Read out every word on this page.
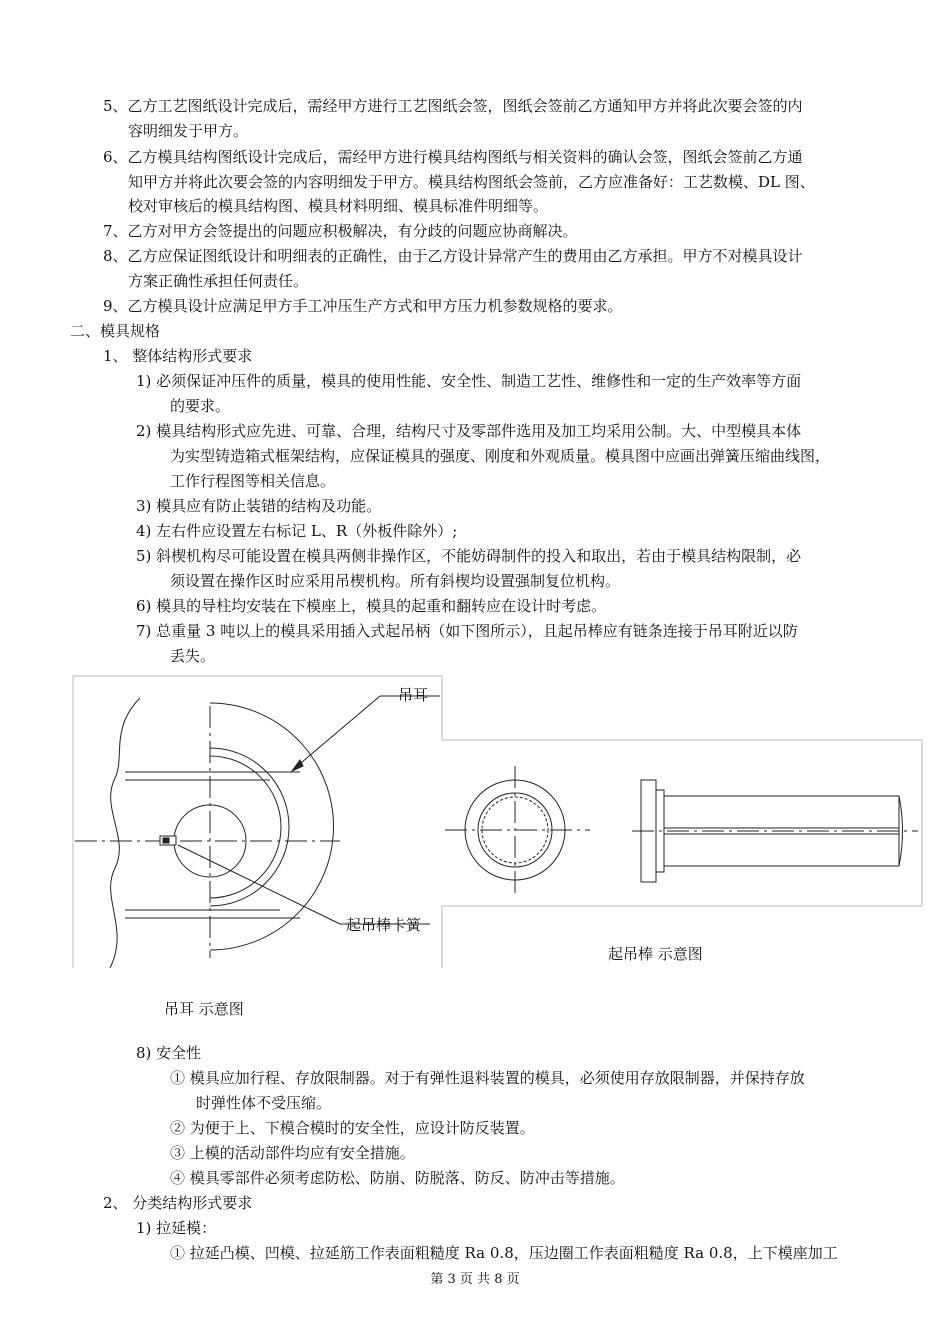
5、乙方工艺图纸设计完成后，需经甲方进行工艺图纸会签，图纸会签前乙方通知甲方并将此次要会签的内
容明细发于甲方。
6、乙方模具结构图纸设计完成后，需经甲方进行模具结构图纸与相关资料的确认会签，图纸会签前乙方通
知甲方并将此次要会签的内容明细发于甲方。模具结构图纸会签前，乙方应准备好：工艺数模、DL 图、
校对审核后的模具结构图、模具材料明细、模具标准件明细等。
7、乙方对甲方会签提出的问题应积极解决，有分歧的问题应协商解决。
8、乙方应保证图纸设计和明细表的正确性，由于乙方设计异常产生的费用由乙方承担。甲方不对模具设计
方案正确性承担任何责任。
9、乙方模具设计应满足甲方手工冲压生产方式和甲方压力机参数规格的要求。
二、模具规格
1、 整体结构形式要求
1) 必须保证冲压件的质量，模具的使用性能、安全性、制造工艺性、维修性和一定的生产效率等方面
的要求。
2) 模具结构形式应先进、可靠、合理，结构尺寸及零部件选用及加工均采用公制。大、中型模具本体
为实型铸造箱式框架结构，应保证模具的强度、刚度和外观质量。模具图中应画出弹簧压缩曲线图，
工作行程图等相关信息。
3) 模具应有防止装错的结构及功能。
4) 左右件应设置左右标记 L、R（外板件除外）;
5) 斜楔机构尽可能设置在模具两侧非操作区，不能妨碍制件的投入和取出，若由于模具结构限制，必
须设置在操作区时应采用吊楔机构。所有斜楔均设置强制复位机构。
6) 模具的导柱均安装在下模座上，模具的起重和翻转应在设计时考虑。
7) 总重量 3 吨以上的模具采用插入式起吊柄（如下图所示），且起吊棒应有链条连接于吊耳附近以防
丢失。
吊耳
起吊棒卡簧
起吊棒 示意图
吊耳 示意图
8) 安全性
① 模具应加行程、存放限制器。对于有弹性退料装置的模具，必须使用存放限制器，并保持存放
时弹性体不受压缩。
② 为便于上、下模合模时的安全性，应设计防反装置。
③ 上模的活动部件均应有安全措施。
④ 模具零部件必须考虑防松、防崩、防脱落、防反、防冲击等措施。
2、 分类结构形式要求
1) 拉延模：
① 拉延凸模、凹模、拉延筋工作表面粗糙度 Ra 0.8，压边圈工作表面粗糙度 Ra 0.8，上下模座加工
第 3 页 共 8 页
